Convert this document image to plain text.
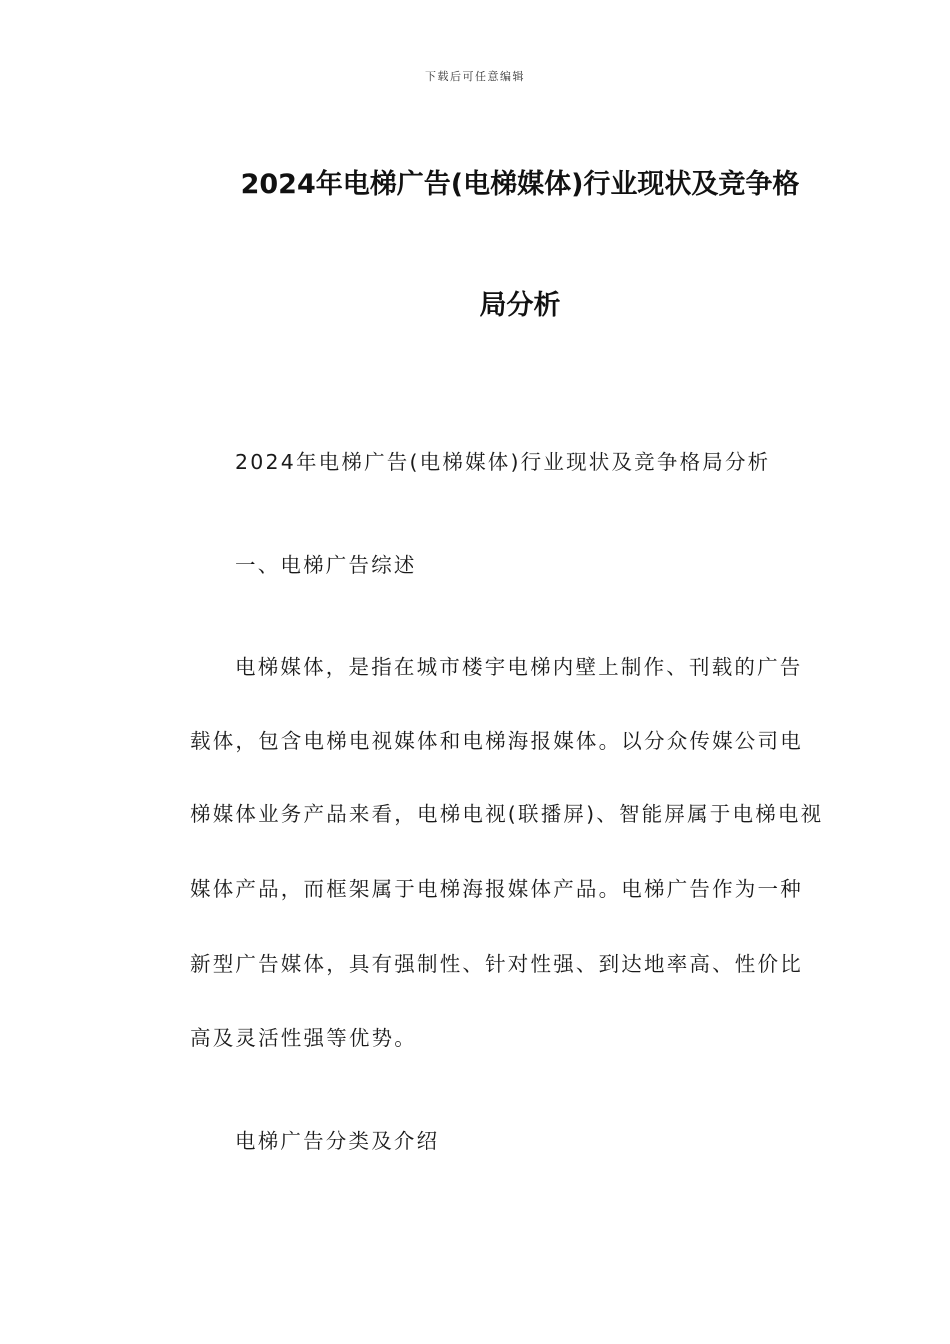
下载后可任意编辑
2024年电梯广告(电梯媒体)行业现状及竞争格
局分析
2024年电梯广告(电梯媒体)行业现状及竞争格局分析
一、电梯广告综述
电梯媒体，是指在城市楼宇电梯内壁上制作、刊载的广告
载体，包含电梯电视媒体和电梯海报媒体。以分众传媒公司电
梯媒体业务产品来看，电梯电视(联播屏)、智能屏属于电梯电视
媒体产品，而框架属于电梯海报媒体产品。电梯广告作为一种
新型广告媒体，具有强制性、针对性强、到达地率高、性价比
高及灵活性强等优势。
电梯广告分类及介绍
